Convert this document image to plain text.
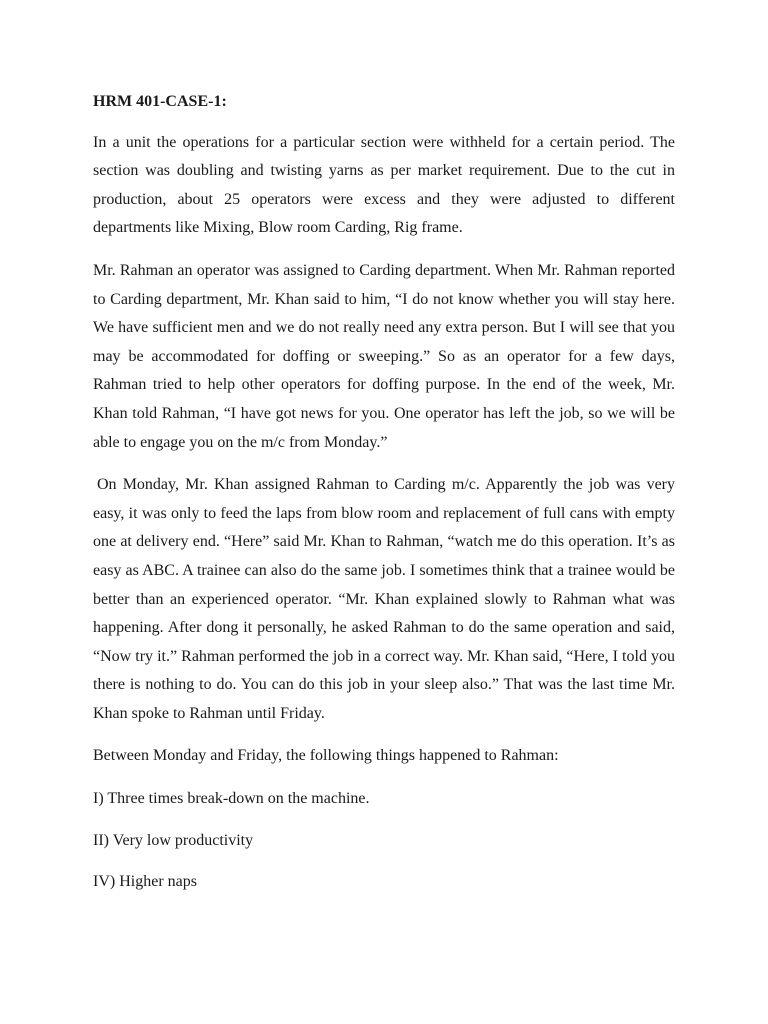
HRM 401-CASE-1:

In a unit the operations for a particular section were withheld for a certain period. The section was doubling and twisting yarns as per market requirement. Due to the cut in production, about 25 operators were excess and they were adjusted to different departments like Mixing, Blow room Carding, Rig frame.

Mr. Rahman an operator was assigned to Carding department. When Mr. Rahman reported to Carding department, Mr. Khan said to him, “I do not know whether you will stay here. We have sufficient men and we do not really need any extra person. But I will see that you may be accommodated for doffing or sweeping.” So as an operator for a few days, Rahman tried to help other operators for doffing purpose. In the end of the week, Mr. Khan told Rahman, “I have got news for you. One operator has left the job, so we will be able to engage you on the m/c from Monday.”

On Monday, Mr. Khan assigned Rahman to Carding m/c. Apparently the job was very easy, it was only to feed the laps from blow room and replacement of full cans with empty one at delivery end. “Here” said Mr. Khan to Rahman, “watch me do this operation. It’s as easy as ABC. A trainee can also do the same job. I sometimes think that a trainee would be better than an experienced operator. “Mr. Khan explained slowly to Rahman what was happening. After dong it personally, he asked Rahman to do the same operation and said, “Now try it.” Rahman performed the job in a correct way. Mr. Khan said, “Here, I told you there is nothing to do. You can do this job in your sleep also.” That was the last time Mr. Khan spoke to Rahman until Friday.

Between Monday and Friday, the following things happened to Rahman:

I) Three times break-down on the machine.
II) Very low productivity
IV) Higher naps
